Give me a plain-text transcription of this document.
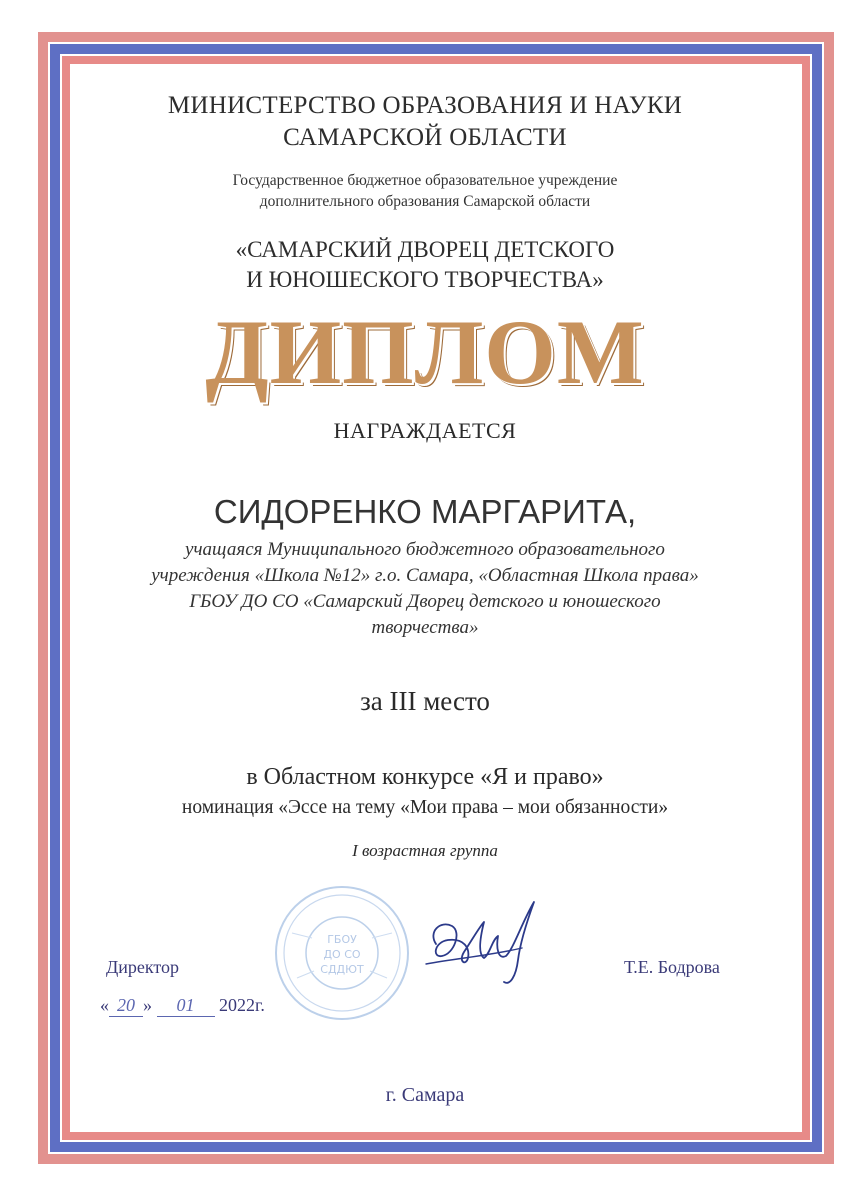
МИНИСТЕРСТВО ОБРАЗОВАНИЯ И НАУКИ
САМАРСКОЙ ОБЛАСТИ
Государственное бюджетное образовательное учреждение
дополнительного образования Самарской области
«САМАРСКИЙ ДВОРЕЦ ДЕТСКОГО
И ЮНОШЕСКОГО ТВОРЧЕСТВА»
ДИПЛОМ
НАГРАЖДАЕТСЯ
СИДОРЕНКО МАРГАРИТА,
учащаяся Муниципального бюджетного образовательного
учреждения «Школа №12» г.о. Самара, «Областная Школа права»
ГБОУ ДО СО «Самарский Дворец детского и юношеского
творчества»
за III место
в Областном конкурсе «Я и право»
номинация «Эссе на тему «Мои права – мои обязанности»
I возрастная группа
ГБОУ
ДО СО
СДДЮТ
Директор	Т.Е. Бодрова
« 20 » 01 2022г.
г. Самара
